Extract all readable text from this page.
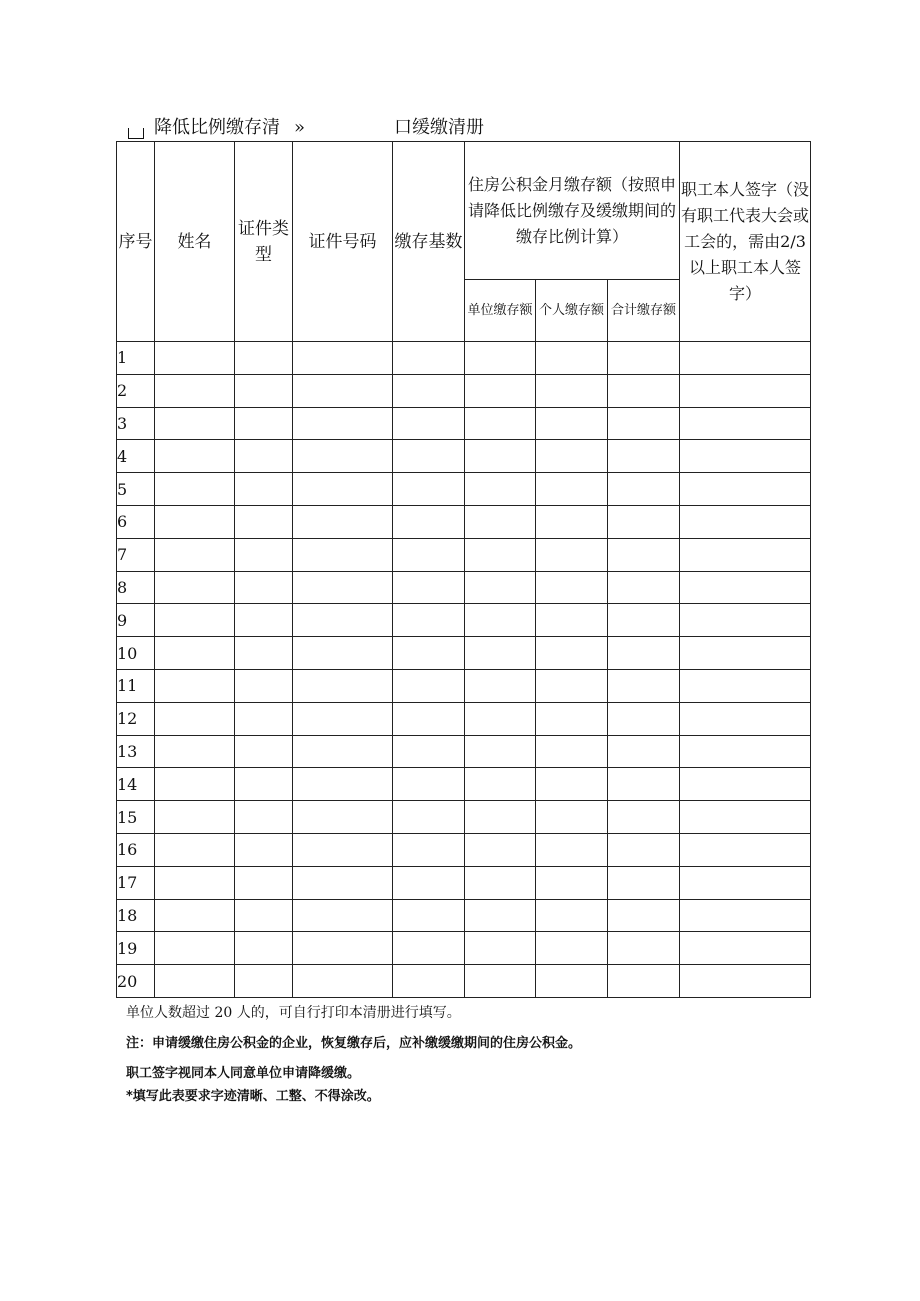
降低比例缴存清 »	口缓缴清册
序号	姓名	证件类型	证件号码	缴存基数	住房公积金月缴存额（按照申请降低比例缴存及缓缴期间的缴存比例计算）			职工本人签字（没有职工代表大会或工会的，需由2/3以上职工本人签字）
					单位缴存额	个人缴存额	合计缴存额	
1								
2								
3								
4								
5								
6								
7								
8								
9								
10								
11								
12								
13								
14								
15								
16								
17								
18								
19								
20								
单位人数超过 20 人的，可自行打印本清册进行填写。
注：申请缓缴住房公积金的企业，恢复缴存后，应补缴缓缴期间的住房公积金。
职工签字视同本人同意单位申请降缓缴。
*填写此表要求字迹清晰、工整、不得涂改。
